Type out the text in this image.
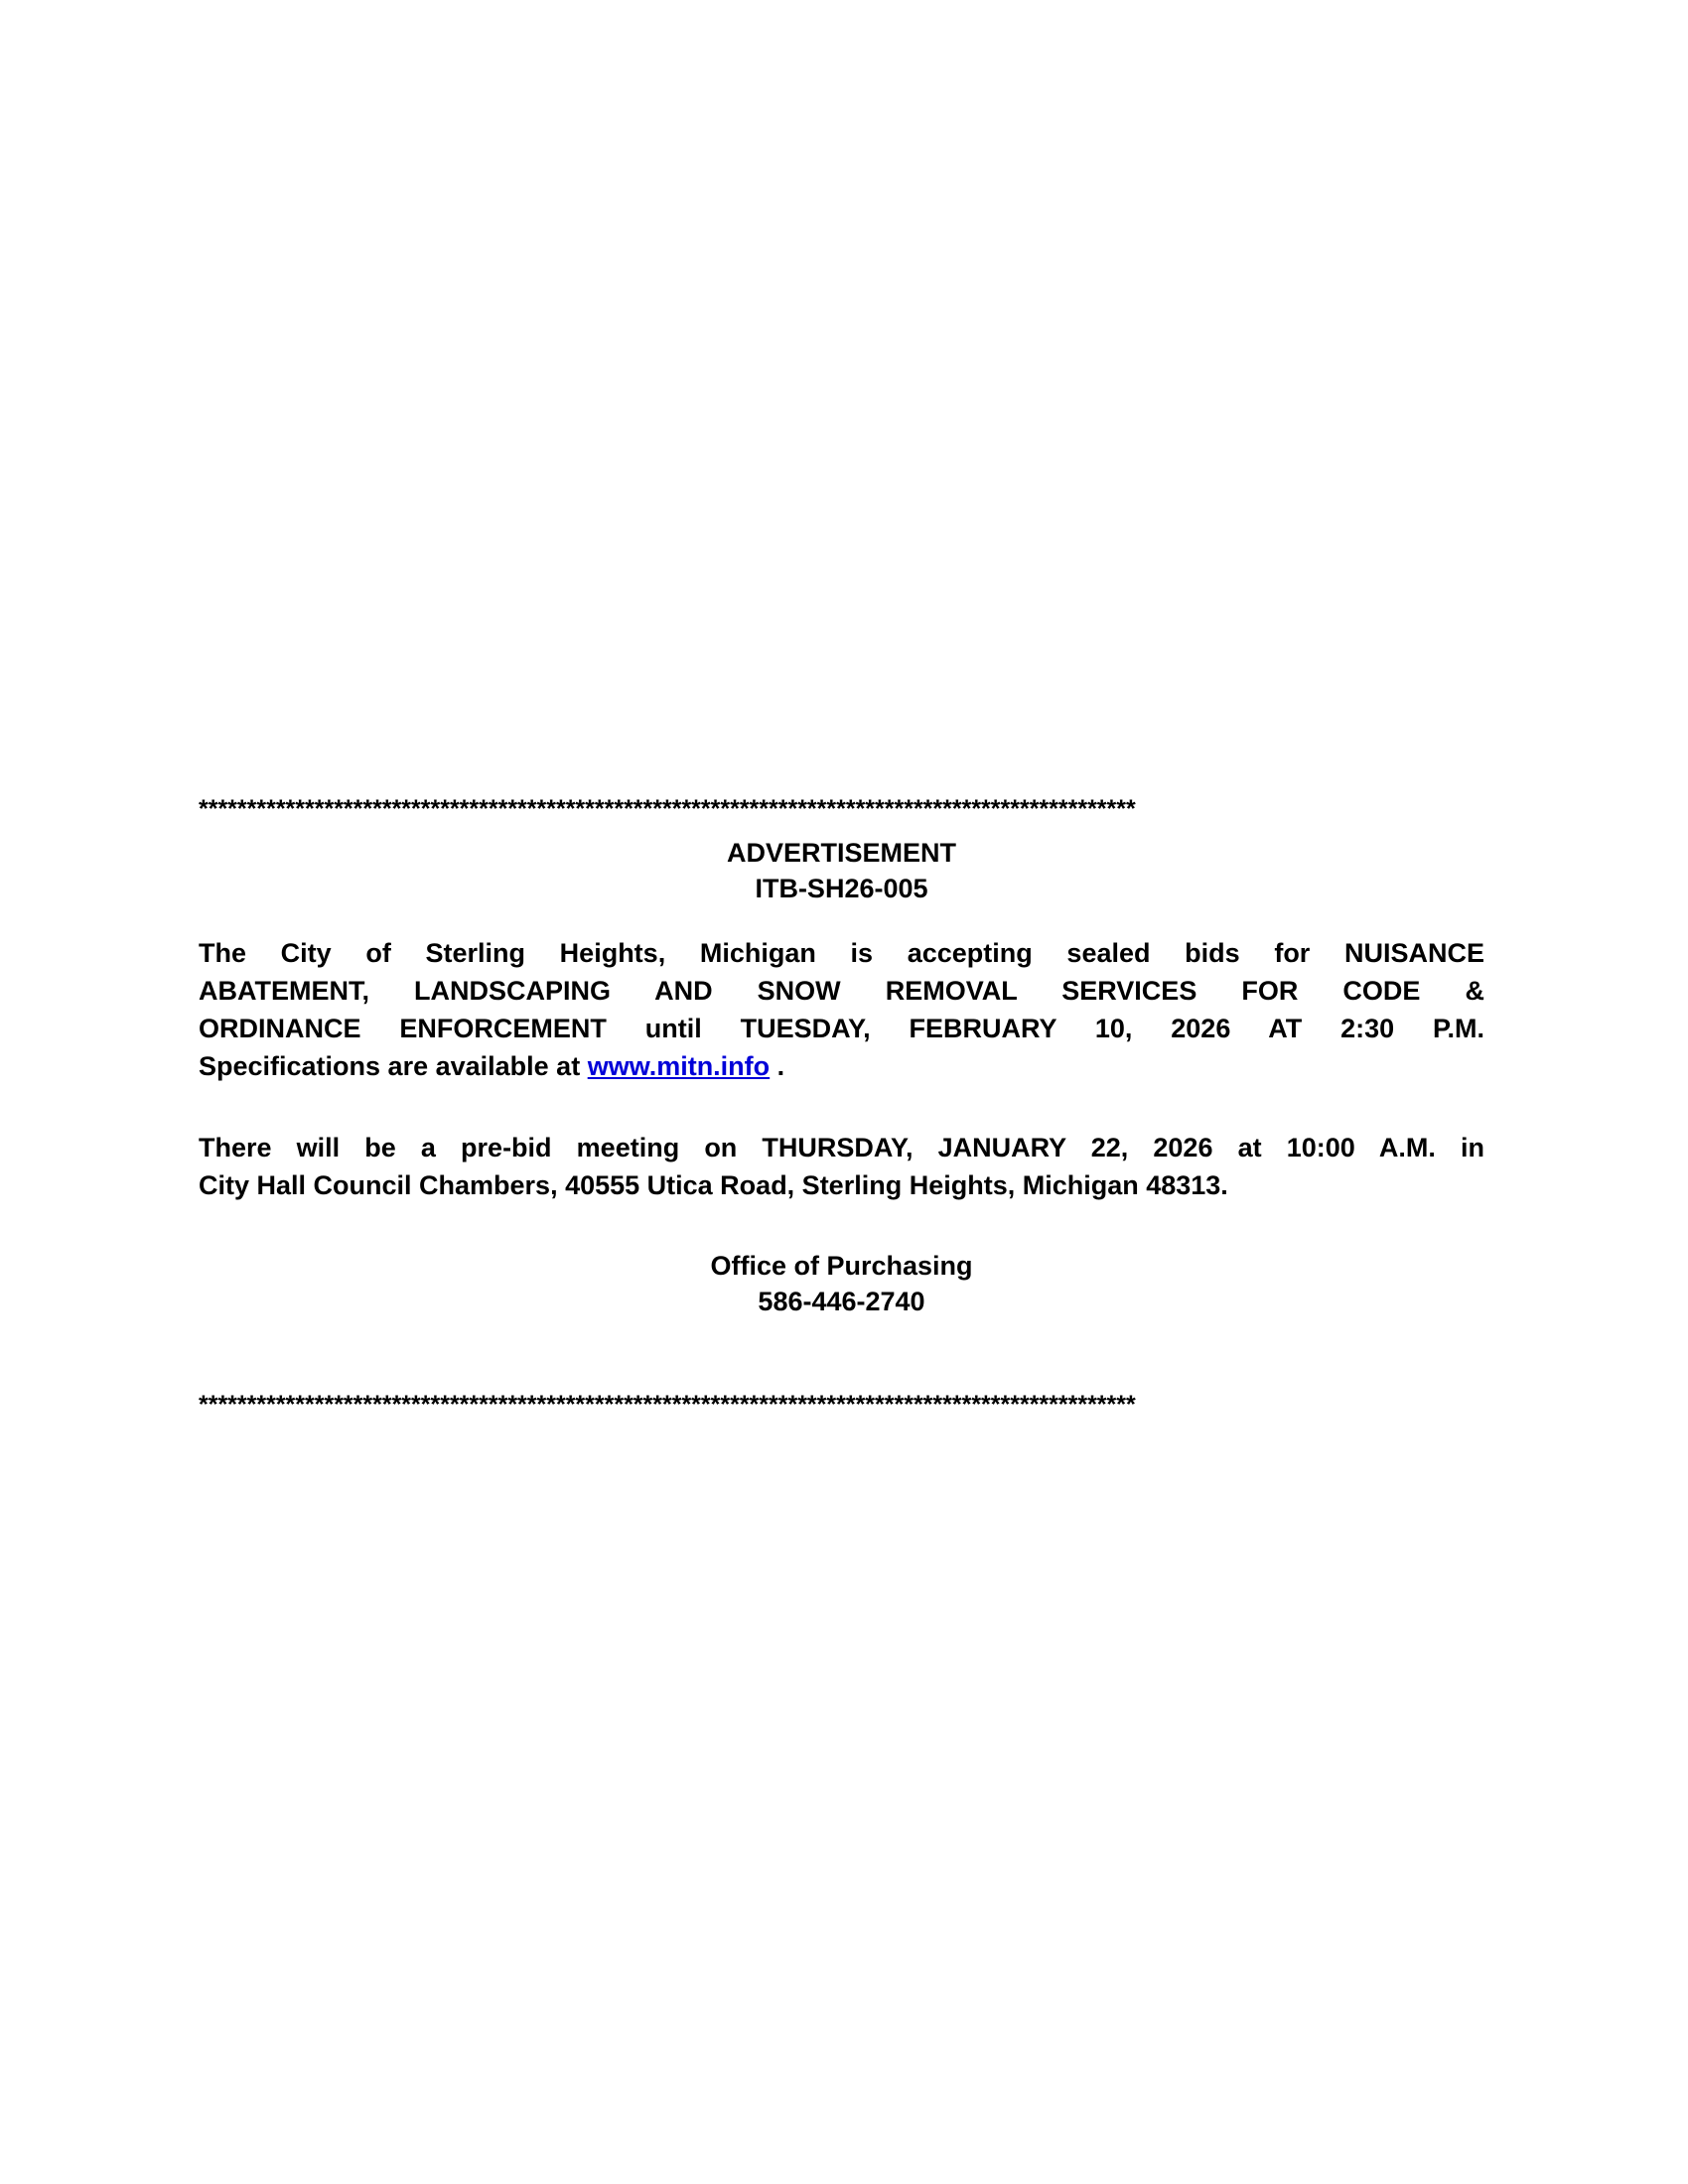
*************************************************************************************************
ADVERTISEMENT
ITB-SH26-005
The City of Sterling Heights, Michigan is accepting sealed bids for NUISANCE
ABATEMENT, LANDSCAPING AND SNOW REMOVAL SERVICES FOR CODE &
ORDINANCE ENFORCEMENT until TUESDAY, FEBRUARY 10, 2026 AT 2:30 P.M.
Specifications are available at www.mitn.info .
There will be a pre-bid meeting on THURSDAY, JANUARY 22, 2026 at 10:00 A.M. in
City Hall Council Chambers, 40555 Utica Road, Sterling Heights, Michigan 48313.
Office of Purchasing
586-446-2740
*************************************************************************************************
